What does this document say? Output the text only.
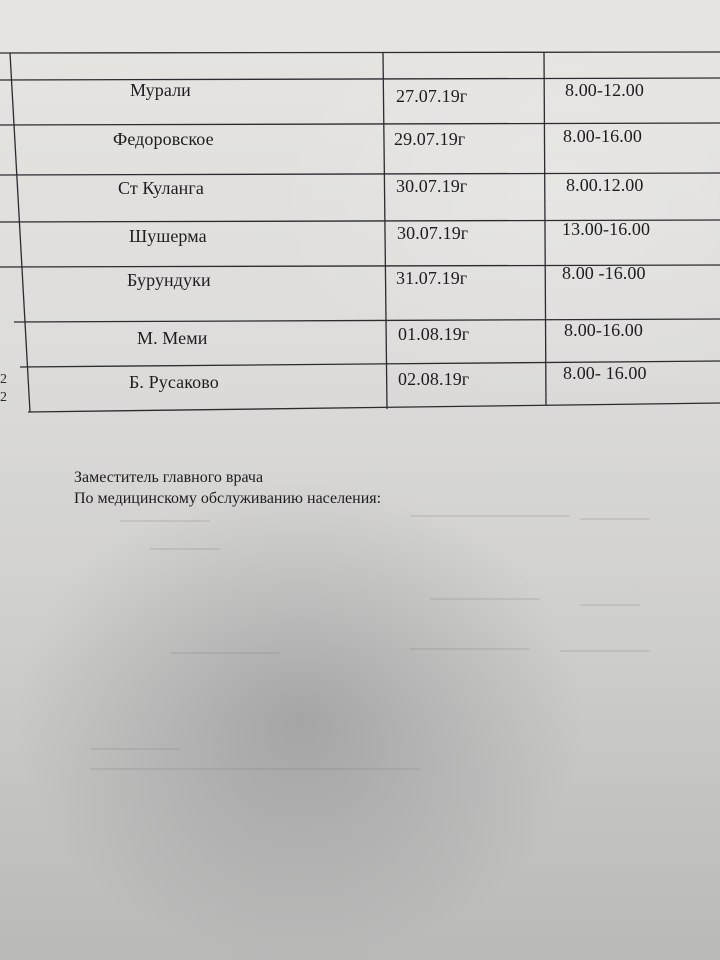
Мурали	27.07.19г	8.00-12.00
Федоровское	29.07.19г	8.00-16.00
Ст Куланга	30.07.19г	8.00.12.00
Шушерма	30.07.19г	13.00-16.00
Бурундуки	31.07.19г	8.00 -16.00
М. Меми	01.08.19г	8.00-16.00
Б. Русаково	02.08.19г	8.00- 16.00
2
2
Заместитель главного врача
По медицинскому обслуживанию населения:
